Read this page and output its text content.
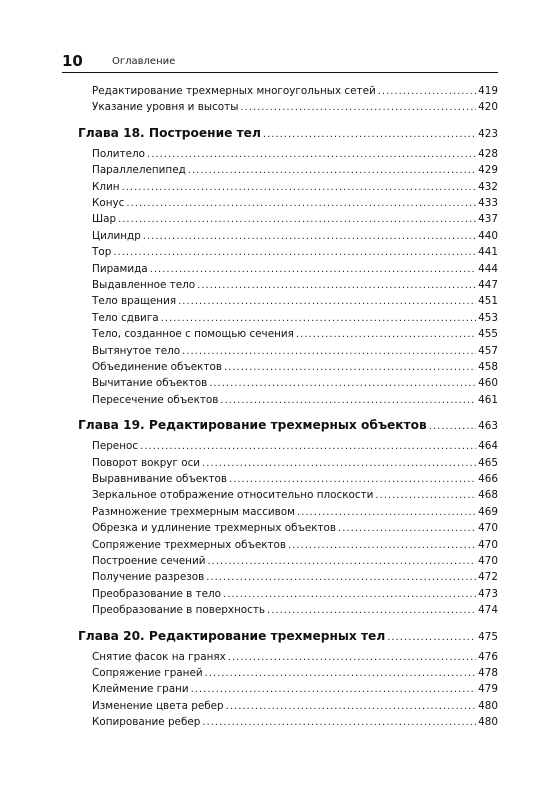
10	Оглавление
Редактирование трехмерных многоугольных сетей .....	419
Указание уровня и высоты .....	420
Глава 18. Построение тел .....	423
Политело .....	428
Параллелепипед .....	429
Клин .....	432
Конус .....	433
Шар .....	437
Цилиндр .....	440
Тор .....	441
Пирамида .....	444
Выдавленное тело .....	447
Тело вращения .....	451
Тело сдвига .....	453
Тело, созданное с помощью сечения .....	455
Вытянутое тело .....	457
Объединение объектов .....	458
Вычитание объектов .....	460
Пересечение объектов .....	461
Глава 19. Редактирование трехмерных объектов .....	463
Перенос .....	464
Поворот вокруг оси .....	465
Выравнивание объектов .....	466
Зеркальное отображение относительно плоскости .....	468
Размножение трехмерным массивом .....	469
Обрезка и удлинение трехмерных объектов .....	470
Сопряжение трехмерных объектов .....	470
Построение сечений .....	470
Получение разрезов .....	472
Преобразование в тело .....	473
Преобразование в поверхность .....	474
Глава 20. Редактирование трехмерных тел .....	475
Снятие фасок на гранях .....	476
Сопряжение граней .....	478
Клеймение грани .....	479
Изменение цвета ребер .....	480
Копирование ребер .....	480
